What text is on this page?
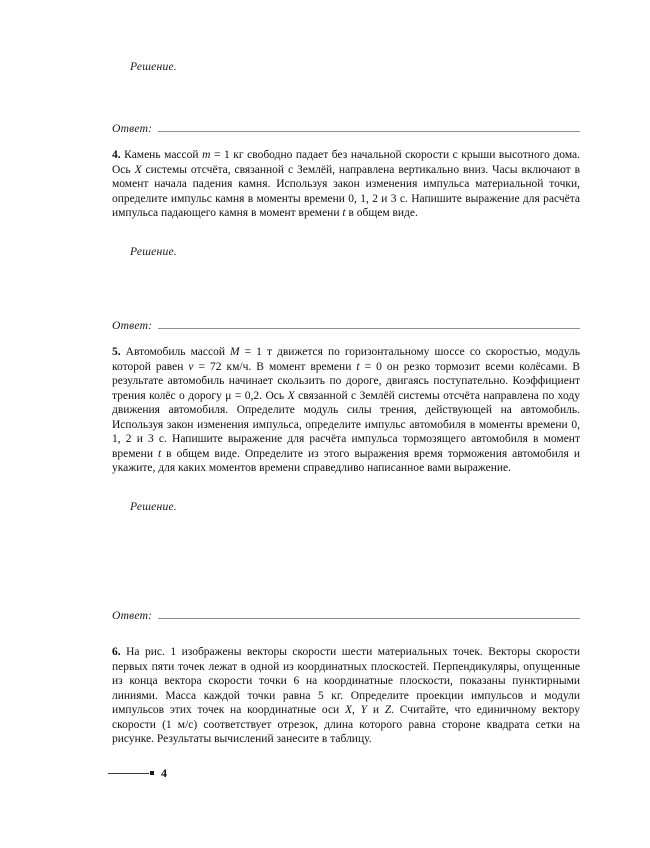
Решение.
Ответ:
4. Камень массой m = 1 кг свободно падает без начальной скорости с крыши высотного дома. Ось X системы отсчёта, связанной с Землёй, направлена вертикально вниз. Часы включают в момент начала падения камня. Используя закон изменения импульса материальной точки, определите импульс камня в моменты времени 0, 1, 2 и 3 с. Напишите выражение для расчёта импульса падающего камня в момент времени t в общем виде.
Решение.
Ответ:
5. Автомобиль массой M = 1 т движется по горизонтальному шоссе со скоростью, модуль которой равен v = 72 км/ч. В момент времени t = 0 он резко тормозит всеми колёсами. В результате автомобиль начинает скользить по дороге, двигаясь поступательно. Коэффициент трения колёс о дорогу μ = 0,2. Ось X связанной с Землёй системы отсчёта направлена по ходу движения автомобиля. Определите модуль силы трения, действующей на автомобиль. Используя закон изменения импульса, определите импульс автомобиля в моменты времени 0, 1, 2 и 3 с. Напишите выражение для расчёта импульса тормозящего автомобиля в момент времени t в общем виде. Определите из этого выражения время торможения автомобиля и укажите, для каких моментов времени справедливо написанное вами выражение.
Решение.
Ответ:
6. На рис. 1 изображены векторы скорости шести материальных точек. Векторы скорости первых пяти точек лежат в одной из координатных плоскостей. Перпендикуляры, опущенные из конца вектора скорости точки 6 на координатные плоскости, показаны пунктирными линиями. Масса каждой точки равна 5 кг. Определите проекции импульсов и модули импульсов этих точек на координатные оси X, Y и Z. Считайте, что единичному вектору скорости (1 м/с) соответствует отрезок, длина которого равна стороне квадрата сетки на рисунке. Результаты вычислений занесите в таблицу.
4
